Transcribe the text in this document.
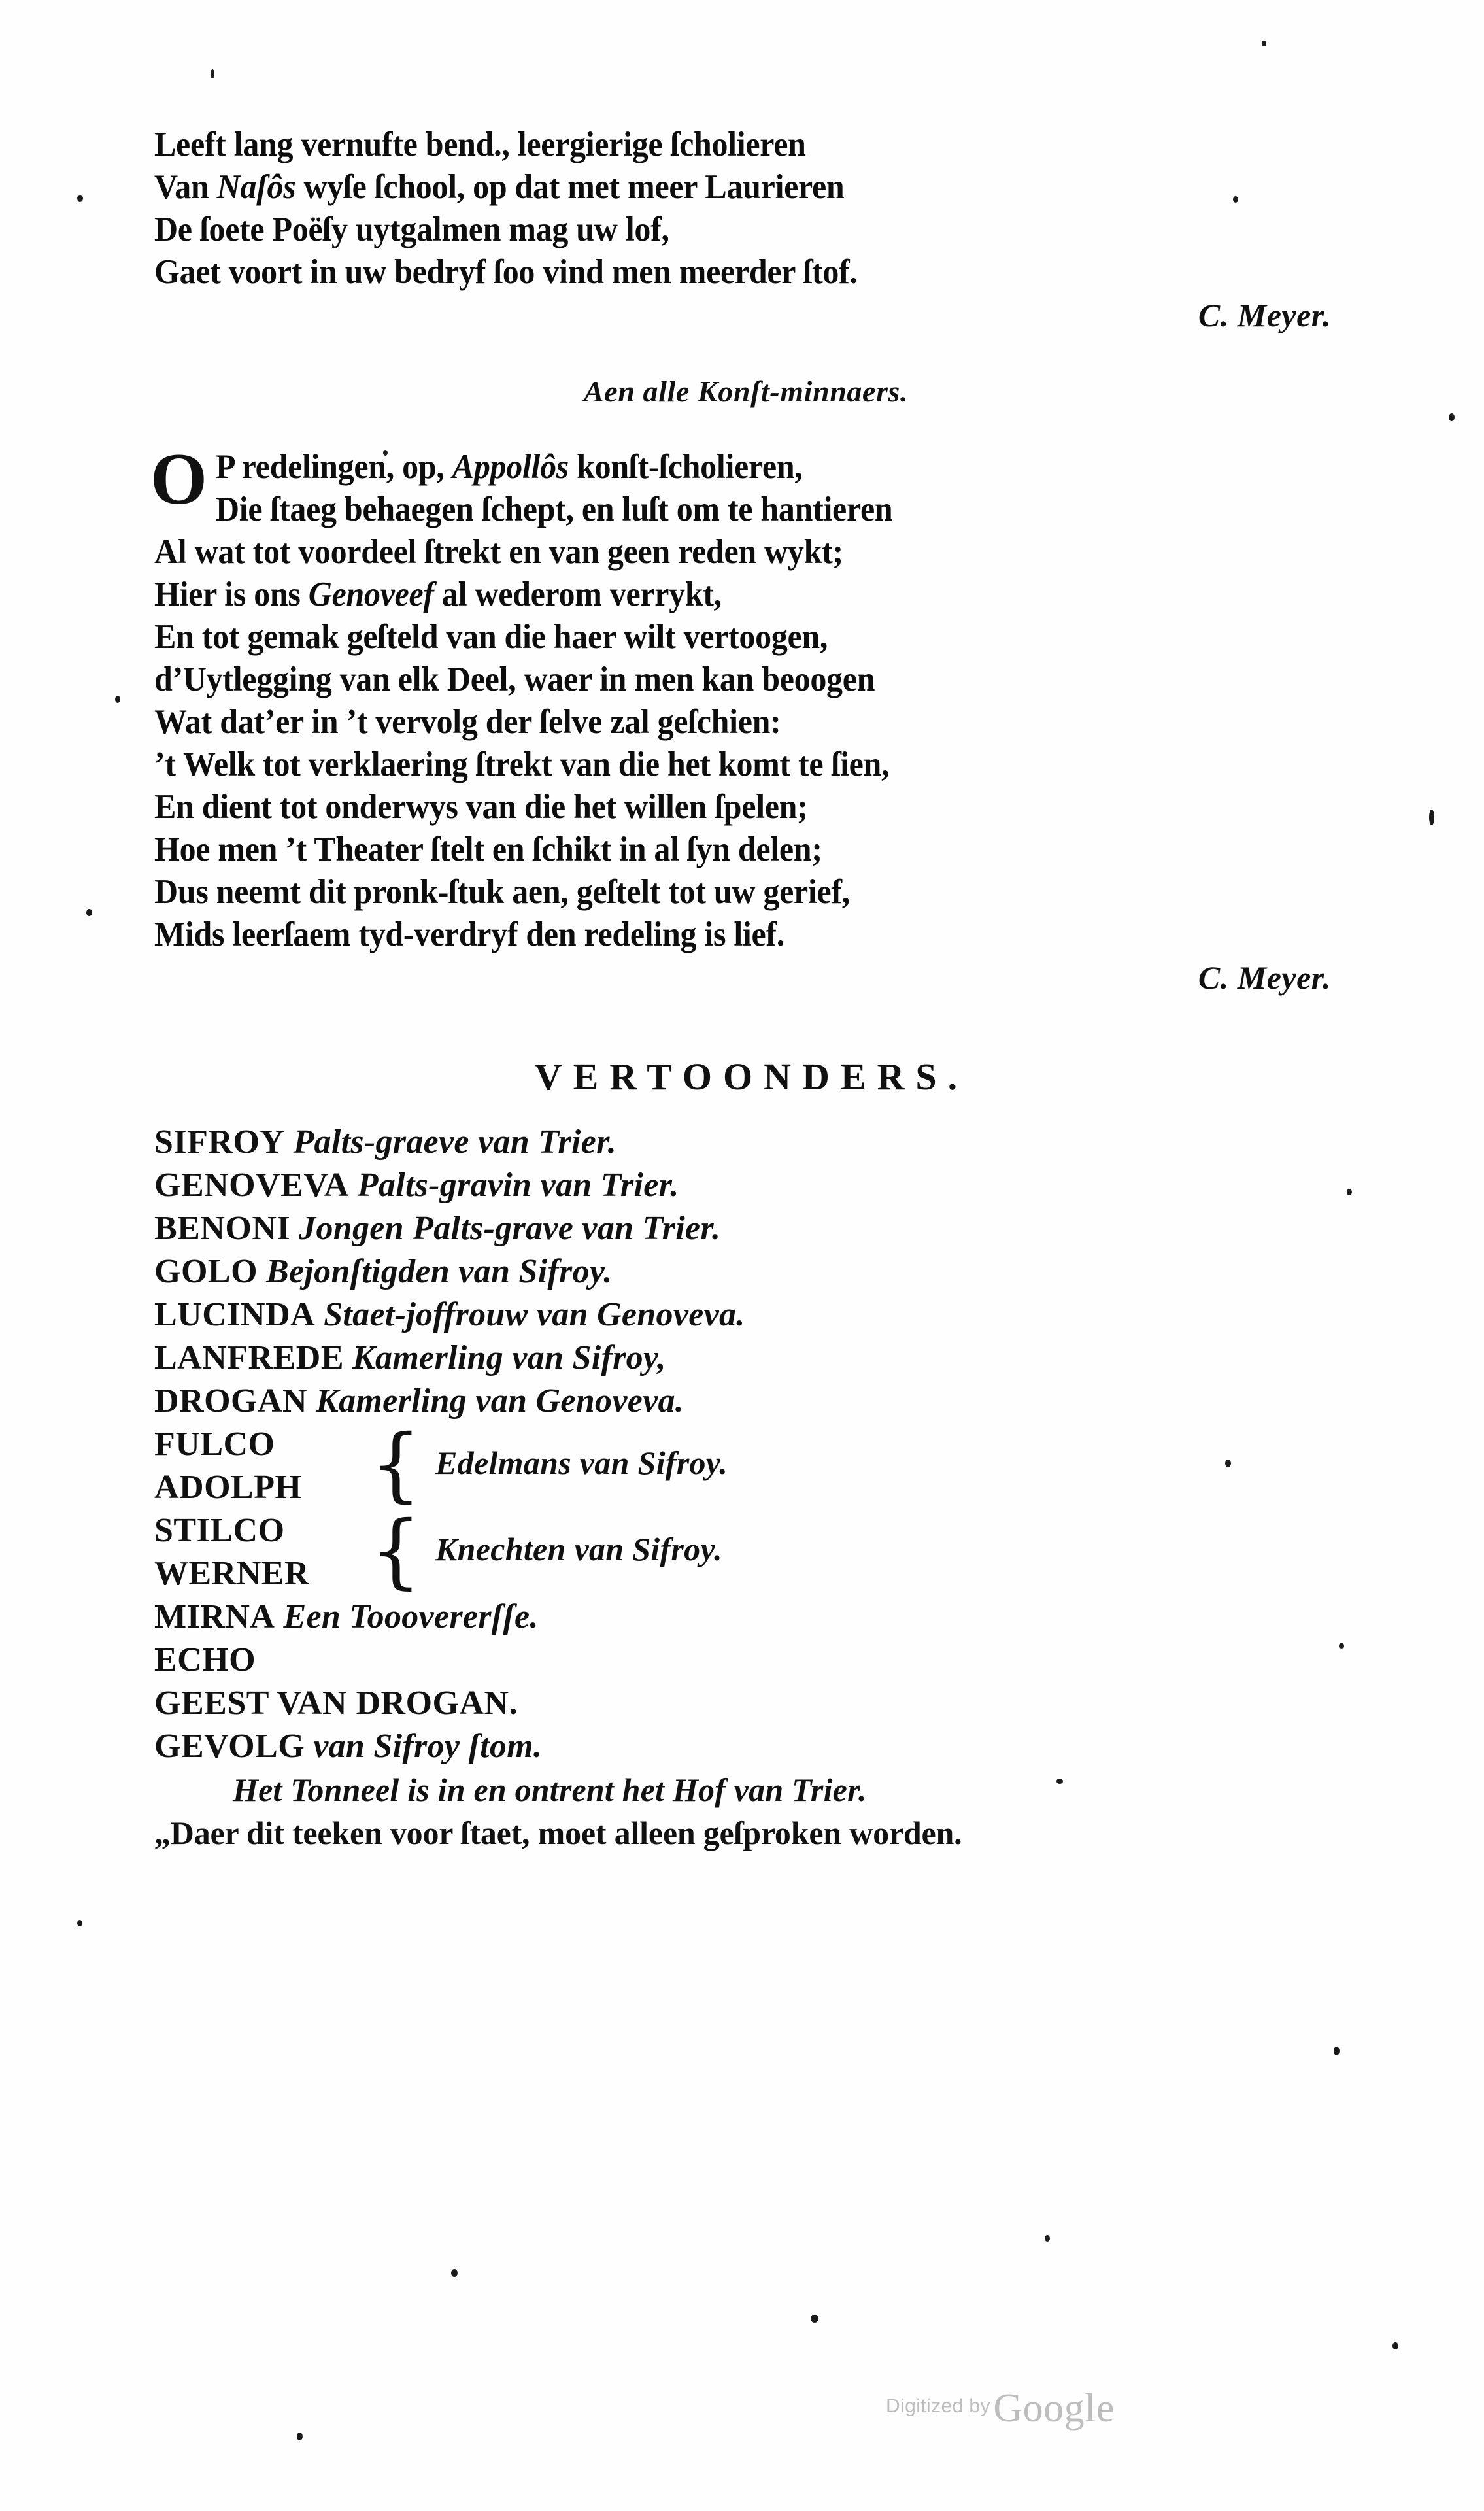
Leeft lang vernufte bend., leergierige ſcholieren
Van Naſôs wyſe ſchool, op dat met meer Laurieren
De ſoete Poëſy uytgalmen mag uw lof,
Gaet voort in uw bedryf ſoo vind men meerder ſtof.
C. Meyer.
Aen alle Konſt-minnaers.
O P redelingen, op, Appollôs konſt-ſcholieren,
Die ſtaeg behaegen ſchept, en luſt om te hantieren
Al wat tot voordeel ſtrekt en van geen reden wykt;
Hier is ons Genoveef al wederom verrykt,
En tot gemak geſteld van die haer wilt vertoogen,
d’Uytlegging van elk Deel, waer in men kan beoogen
Wat dat’er in ’t vervolg der ſelve zal geſchien:
’t Welk tot verklaering ſtrekt van die het komt te ſien,
En dient tot onderwys van die het willen ſpelen;
Hoe men ’t Theater ſtelt en ſchikt in al ſyn delen;
Dus neemt dit pronk-ſtuk aen, geſtelt tot uw gerief,
Mids leerſaem tyd-verdryf den redeling is lief.
C. Meyer.
VERTOONDERS.
SIFROY Palts-graeve van Trier.
GENOVEVA Palts-gravin van Trier.
BENONI Jongen Palts-grave van Trier.
GOLO Bejonſtigden van Sifroy.
LUCINDA Staet-joffrouw van Genoveva.
LANFREDE Kamerling van Sifroy,
DROGAN Kamerling van Genoveva.
FULCO
ADOLPH { Edelmans van Sifroy.
STILCO
WERNER { Knechten van Sifroy.
MIRNA Een Tooovererſſe.
ECHO
GEEST VAN DROGAN.
GEVOLG van Sifroy ſtom.
Het Tonneel is in en ontrent het Hof van Trier.
„Daer dit teeken voor ſtaet, moet alleen geſproken worden.
Digitized by Google
